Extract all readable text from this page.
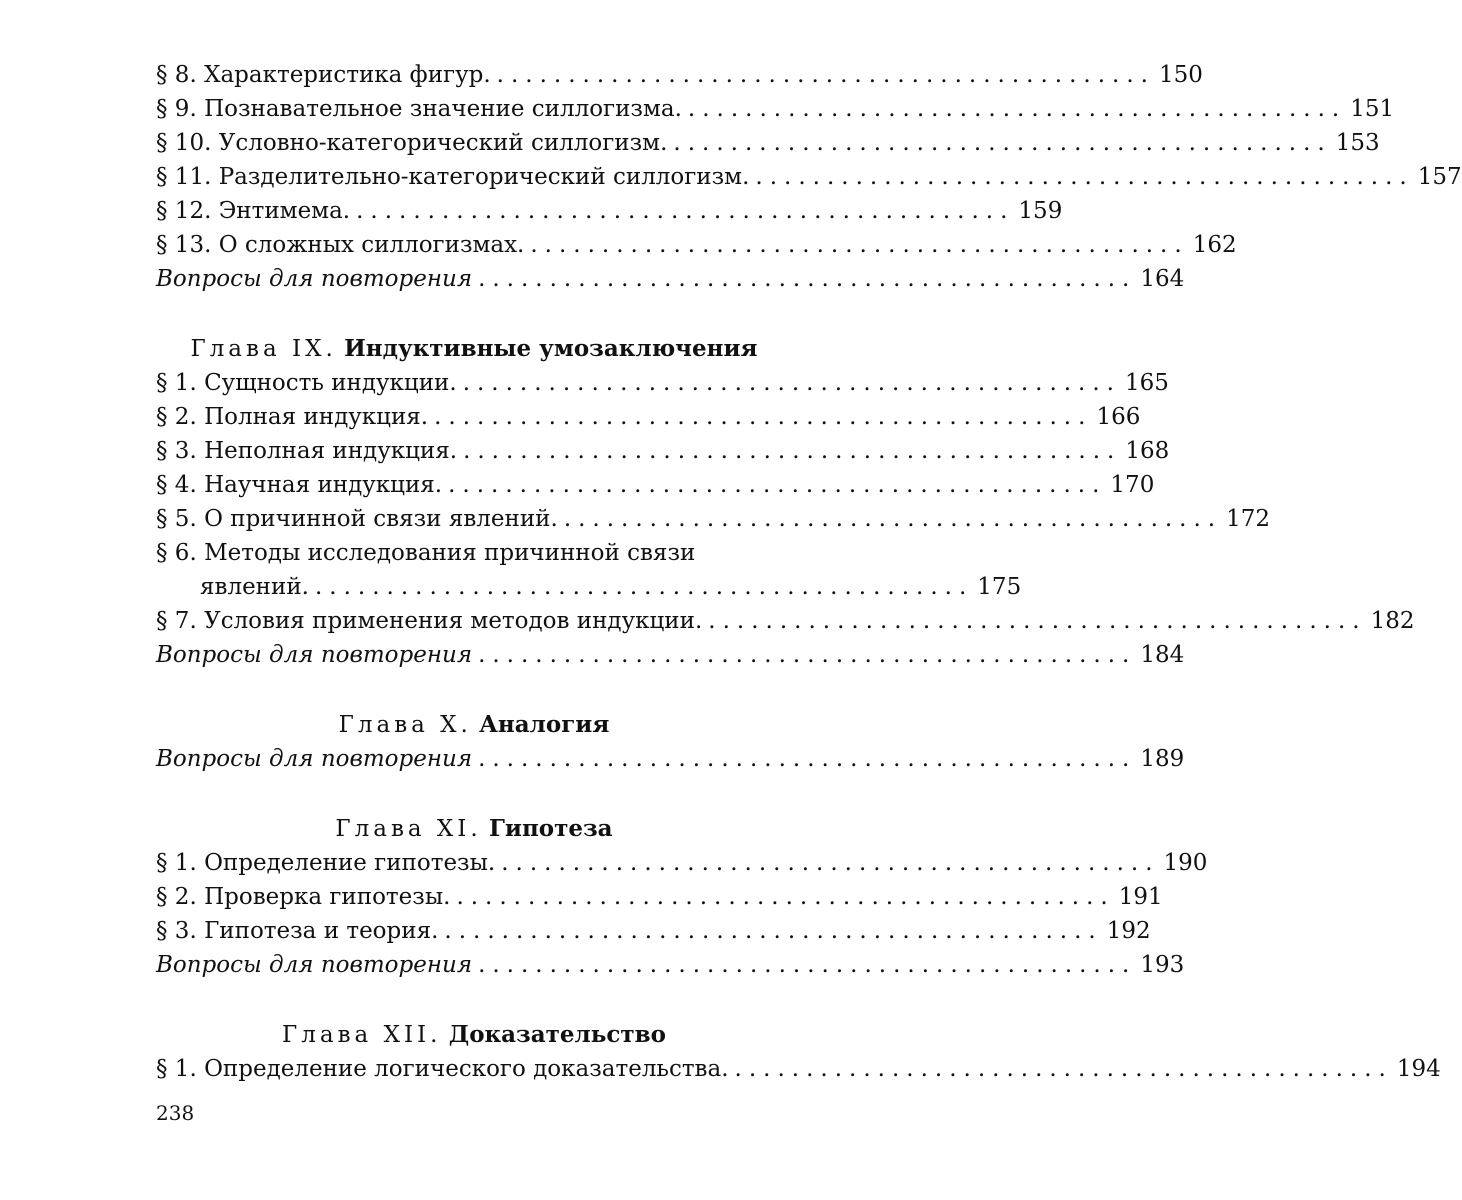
§ 8. Характеристика фигур. .............................................. 150
§ 9. Познавательное значение силлогизма. .............................................. 151
§ 10. Условно-категорический силлогизм. .............................................. 153
§ 11. Разделительно-категорический силлогизм. .............................................. 157
§ 12. Энтимема. .............................................. 159
§ 13. О сложных силлогизмах. .............................................. 162
Вопросы для повторения .............................................. 164
Глава IX. Индуктивные умозаключения
§ 1. Сущность индукции. .............................................. 165
§ 2. Полная индукция. .............................................. 166
§ 3. Неполная индукция. .............................................. 168
§ 4. Научная индукция. .............................................. 170
§ 5. О причинной связи явлений. .............................................. 172
§ 6. Методы исследования причинной связи
явлений. .............................................. 175
§ 7. Условия применения методов индукции. .............................................. 182
Вопросы для повторения .............................................. 184
Глава X. Аналогия
Вопросы для повторения .............................................. 189
Глава XI. Гипотеза
§ 1. Определение гипотезы. .............................................. 190
§ 2. Проверка гипотезы. .............................................. 191
§ 3. Гипотеза и теория. .............................................. 192
Вопросы для повторения .............................................. 193
Глава XII. Доказательство
§ 1. Определение логического доказательства. .............................................. 194
238
